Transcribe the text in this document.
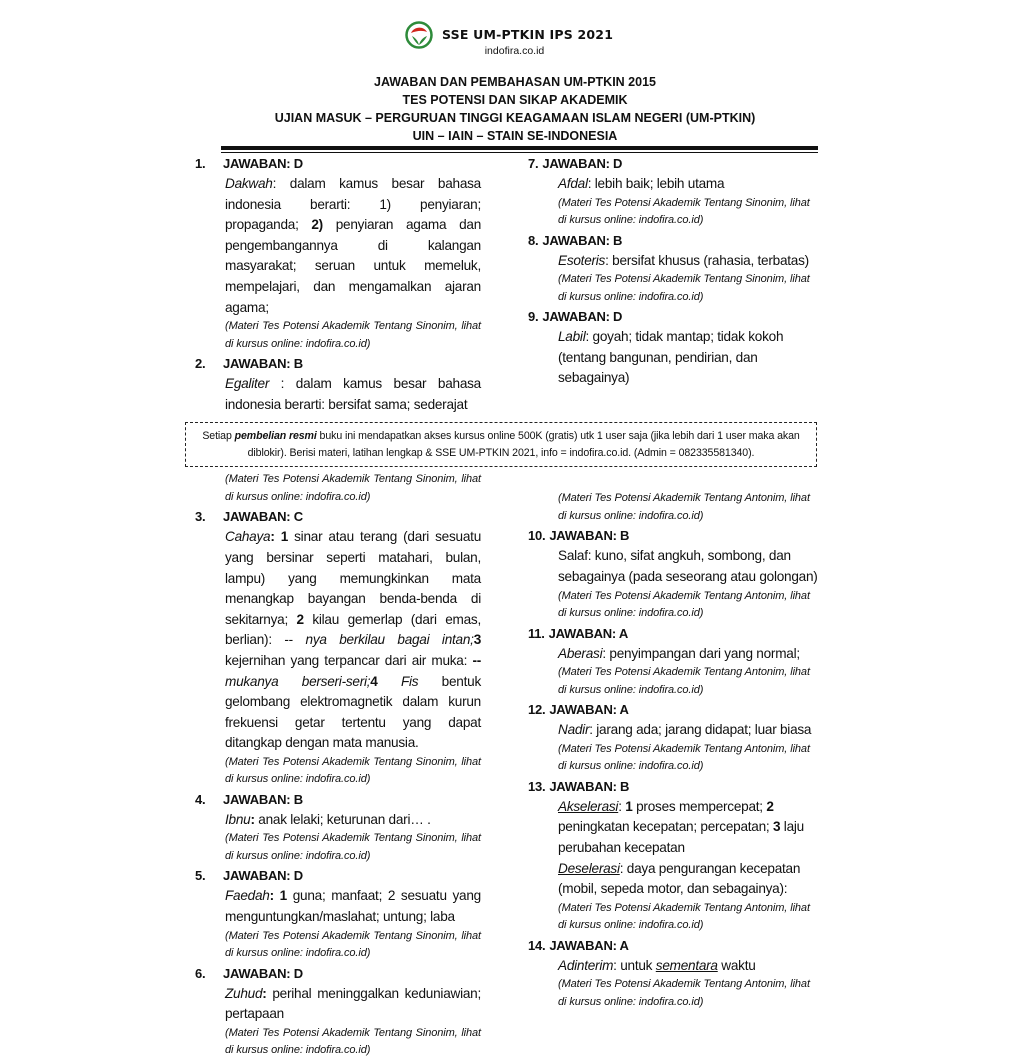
SSE UM-PTKIN IPS 2021
indofira.co.id
JAWABAN DAN PEMBAHASAN UM-PTKIN 2015
TES POTENSI DAN SIKAP AKADEMIK
UJIAN MASUK – PERGURUAN TINGGI KEAGAMAAN ISLAM NEGERI (UM-PTKIN)
UIN – IAIN – STAIN SE-INDONESIA
1. JAWABAN: D
Dakwah: dalam kamus besar bahasa indonesia berarti: 1) penyiaran; propaganda; 2) penyiaran agama dan pengembangannya di kalangan masyarakat; seruan untuk memeluk, mempelajari, dan mengamalkan ajaran agama;
(Materi Tes Potensi Akademik Tentang Sinonim, lihat di kursus online: indofira.co.id)
2. JAWABAN: B
Egaliter : dalam kamus besar bahasa indonesia berarti: bersifat sama; sederajat
7. JAWABAN: D
Afdal: lebih baik; lebih utama
(Materi Tes Potensi Akademik Tentang Sinonim, lihat di kursus online: indofira.co.id)
8. JAWABAN: B
Esoteris: bersifat khusus (rahasia, terbatas)
(Materi Tes Potensi Akademik Tentang Sinonim, lihat di kursus online: indofira.co.id)
9. JAWABAN: D
Labil: goyah; tidak mantap; tidak kokoh
(tentang bangunan, pendirian, dan sebagainya)
Setiap pembelian resmi buku ini mendapatkan akses kursus online 500K (gratis) utk 1 user saja (jika lebih dari 1 user maka akan diblokir). Berisi materi, latihan lengkap & SSE UM-PTKIN 2021, info = indofira.co.id. (Admin = 082335581340).
(Materi Tes Potensi Akademik Tentang Sinonim, lihat di kursus online: indofira.co.id)
3. JAWABAN: C
Cahaya: 1 sinar atau terang (dari sesuatu yang bersinar seperti matahari, bulan, lampu) yang memungkinkan mata menangkap bayangan benda-benda di sekitarnya; 2 kilau gemerlap (dari emas, berlian): -- nya berkilau bagai intan;3 kejernihan yang terpancar dari air muka: -- mukanya berseri-seri;4 Fis bentuk gelombang elektromagnetik dalam kurun frekuensi getar tertentu yang dapat ditangkap dengan mata manusia.
(Materi Tes Potensi Akademik Tentang Sinonim, lihat di kursus online: indofira.co.id)
4. JAWABAN: B
Ibnu: anak lelaki; keturunan dari… .
(Materi Tes Potensi Akademik Tentang Sinonim, lihat di kursus online: indofira.co.id)
5. JAWABAN: D
Faedah: 1 guna; manfaat; 2 sesuatu yang menguntungkan/maslahat; untung; laba
(Materi Tes Potensi Akademik Tentang Sinonim, lihat di kursus online: indofira.co.id)
6. JAWABAN: D
Zuhud: perihal meninggalkan keduniawian; pertapaan
(Materi Tes Potensi Akademik Tentang Sinonim, lihat di kursus online: indofira.co.id)
(Materi Tes Potensi Akademik Tentang Antonim, lihat di kursus online: indofira.co.id)
10. JAWABAN: B
Salaf: kuno, sifat angkuh, sombong, dan sebagainya (pada seseorang atau golongan)
(Materi Tes Potensi Akademik Tentang Antonim, lihat di kursus online: indofira.co.id)
11. JAWABAN: A
Aberasi: penyimpangan dari yang normal;
(Materi Tes Potensi Akademik Tentang Antonim, lihat di kursus online: indofira.co.id)
12. JAWABAN: A
Nadir: jarang ada; jarang didapat; luar biasa
(Materi Tes Potensi Akademik Tentang Antonim, lihat di kursus online: indofira.co.id)
13. JAWABAN: B
Akselerasi: 1 proses mempercepat; 2 peningkatan kecepatan; percepatan; 3 laju perubahan kecepatan
Deselerasi: daya pengurangan kecepatan (mobil, sepeda motor, dan sebagainya):
(Materi Tes Potensi Akademik Tentang Antonim, lihat di kursus online: indofira.co.id)
14. JAWABAN: A
Adinterim: untuk sementara waktu
(Materi Tes Potensi Akademik Tentang Antonim, lihat di kursus online: indofira.co.id)
